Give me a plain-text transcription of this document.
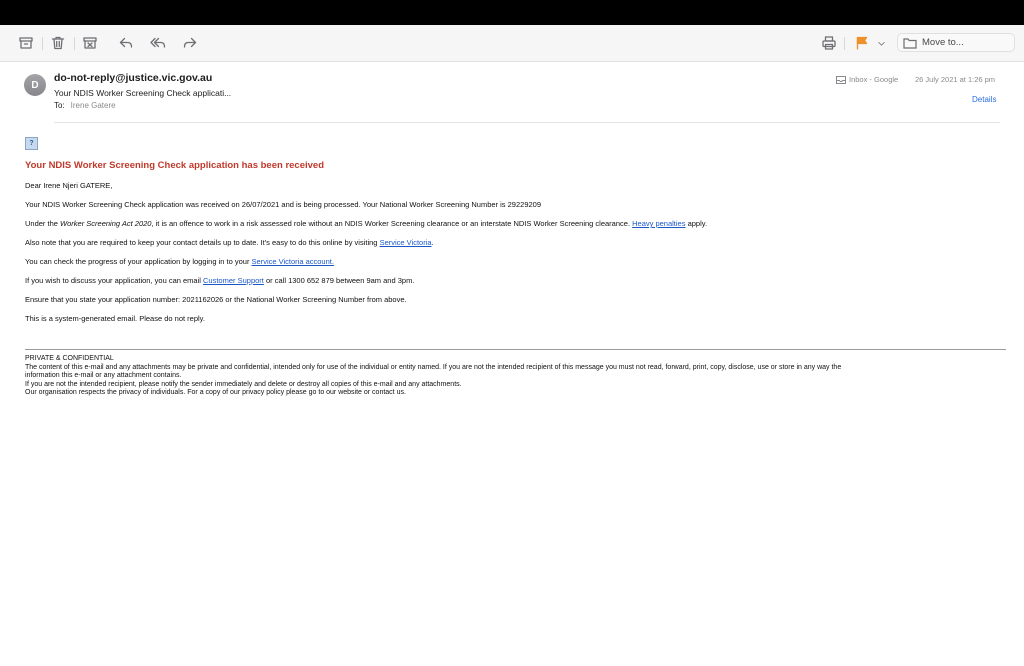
Move to...
D
do-not-reply@justice.vic.gov.au
Your NDIS Worker Screening Check applicati...
To: Irene Gatere
Inbox - Google 26 July 2021 at 1:26 pm
Details
?
Your NDIS Worker Screening Check application has been received
Dear Irene Njeri GATERE,
Your NDIS Worker Screening Check application was received on 26/07/2021 and is being processed. Your National Worker Screening Number is 29229209
Under the Worker Screening Act 2020, it is an offence to work in a risk assessed role without an NDIS Worker Screening clearance or an interstate NDIS Worker Screening clearance. Heavy penalties apply.
Also note that you are required to keep your contact details up to date. It's easy to do this online by visiting Service Victoria.
You can check the progress of your application by logging in to your Service Victoria account.
If you wish to discuss your application, you can email Customer Support or call 1300 652 879 between 9am and 3pm.
Ensure that you state your application number: 2021162026 or the National Worker Screening Number from above.
This is a system-generated email. Please do not reply.
PRIVATE & CONFIDENTIAL
The content of this e-mail and any attachments may be private and confidential, intended only for use of the individual or entity named. If you are not the intended recipient of this message you must not read, forward, print, copy, disclose, use or store in any way the
information this e-mail or any attachment contains.
If you are not the intended recipient, please notify the sender immediately and delete or destroy all copies of this e-mail and any attachments.
Our organisation respects the privacy of individuals. For a copy of our privacy policy please go to our website or contact us.
